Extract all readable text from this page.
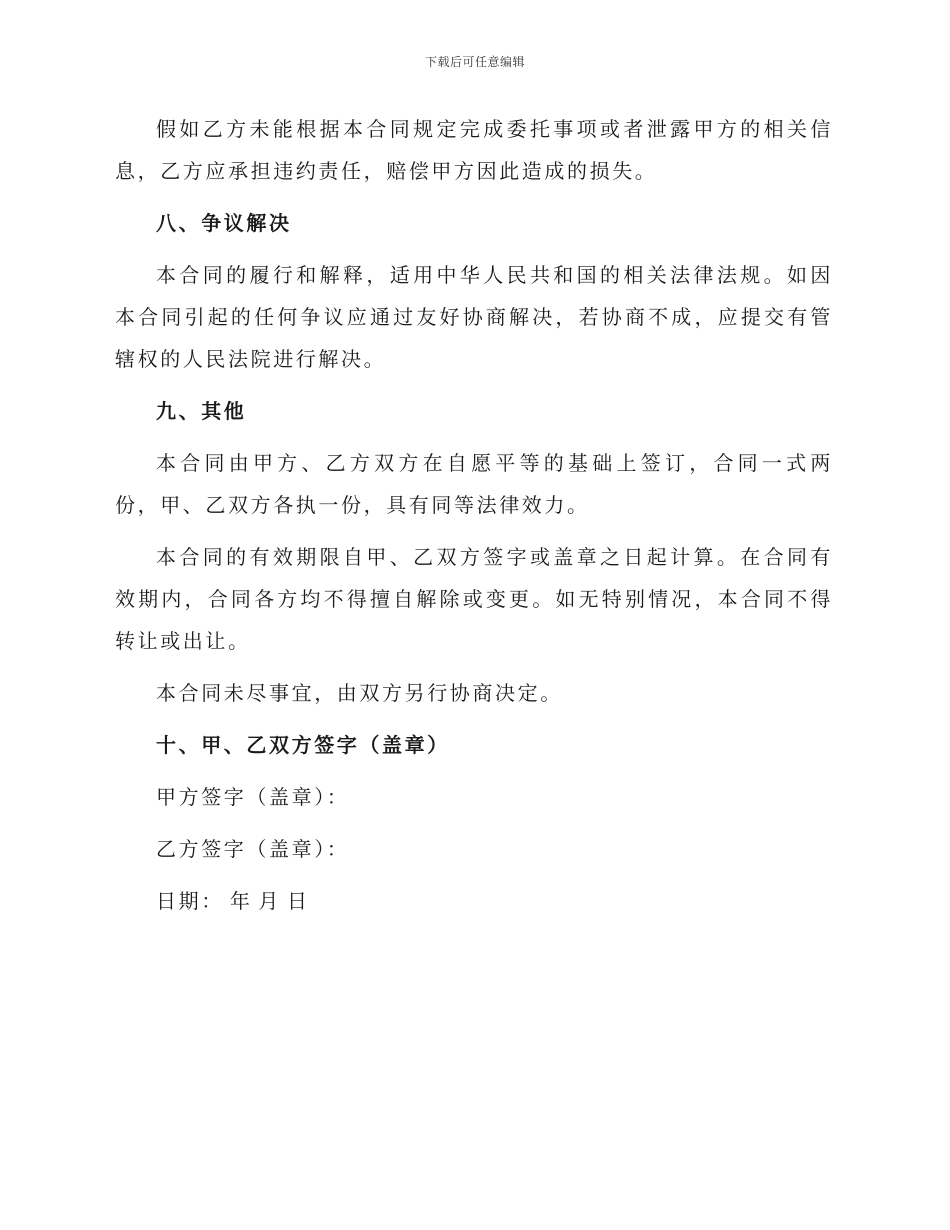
下载后可任意编辑

假如乙方未能根据本合同规定完成委托事项或者泄露甲方的相关信息，乙方应承担违约责任，赔偿甲方因此造成的损失。

八、争议解决

本合同的履行和解释，适用中华人民共和国的相关法律法规。如因本合同引起的任何争议应通过友好协商解决，若协商不成，应提交有管辖权的人民法院进行解决。

九、其他

本合同由甲方、乙方双方在自愿平等的基础上签订，合同一式两份，甲、乙双方各执一份，具有同等法律效力。

本合同的有效期限自甲、乙双方签字或盖章之日起计算。在合同有效期内，合同各方均不得擅自解除或变更。如无特别情况，本合同不得转让或出让。

本合同未尽事宜，由双方另行协商决定。

十、甲、乙双方签字（盖章）
甲方签字（盖章）：
乙方签字（盖章）：
日期： 年 月 日
